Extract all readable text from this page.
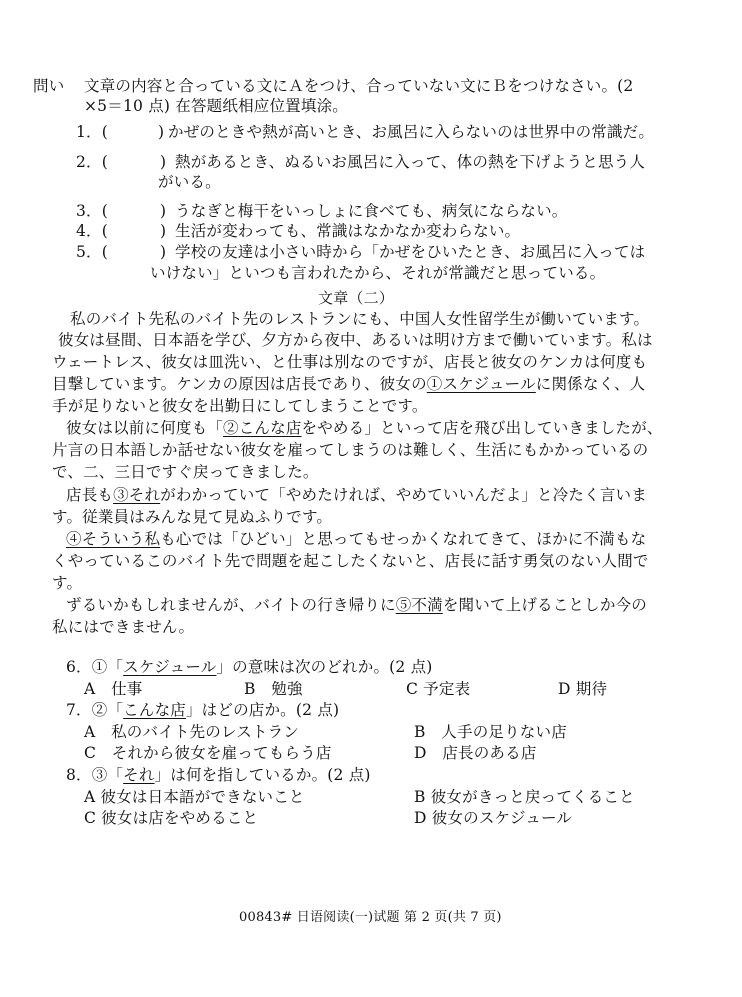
問い 文章の内容と合っている文にＡをつけ、合っていない文にＢをつけなさい。(2
×5＝10 点) 在答题纸相应位置填涂。
1．(	) かぜのときや熱が高いとき、お風呂に入らないのは世界中の常識だ。
2．(	) 熱があるとき、ぬるいお風呂に入って、体の熱を下げようと思う人
がいる。
3．(	) うなぎと梅干をいっしょに食べても、病気にならない。
4．(	) 生活が変わっても、常識はなかなか変わらない。
5．(	) 学校の友達は小さい時から「かぜをひいたとき、お風呂に入っては
いけない」といつも言われたから、それが常識だと思っている。
文章（二）
私のバイト先私のバイト先のレストランにも、中国人女性留学生が働いています。
彼女は昼間、日本語を学び、夕方から夜中、あるいは明け方まで働いています。私は
ウェートレス、彼女は皿洗い、と仕事は別なのですが、店長と彼女のケンカは何度も
目撃しています。ケンカの原因は店長であり、彼女の①スケジュールに関係なく、人
手が足りないと彼女を出勤日にしてしまうことです。
彼女は以前に何度も「②こんな店をやめる」といって店を飛び出していきましたが、
片言の日本語しか話せない彼女を雇ってしまうのは難しく、生活にもかかっているの
で、二、三日ですぐ戻ってきました。
店長も③それがわかっていて「やめたければ、やめていいんだよ」と冷たく言いま
す。従業員はみんな見て見ぬふりです。
④そういう私も心では「ひどい」と思ってもせっかくなれてきて、ほかに不満もな
くやっているこのバイト先で問題を起こしたくないと、店長に話す勇気のない人間で
す。
ずるいかもしれませんが、バイトの行き帰りに⑤不満を聞いて上げることしか今の
私にはできません。
6．①「スケジュール」の意味は次のどれか。(2 点)
A　仕事	B　勉強	C 予定表	D 期待
7．②「こんな店」はどの店か。(2 点)
A　私のバイト先のレストラン	B　人手の足りない店
C　それから彼女を雇ってもらう店	D　店長のある店
8．③「それ」は何を指しているか。(2 点)
A 彼女は日本語ができないこと	B 彼女がきっと戻ってくること
C 彼女は店をやめること	D 彼女のスケジュール
00843# 日语阅读(一)试题 第 2 页(共 7 页)
